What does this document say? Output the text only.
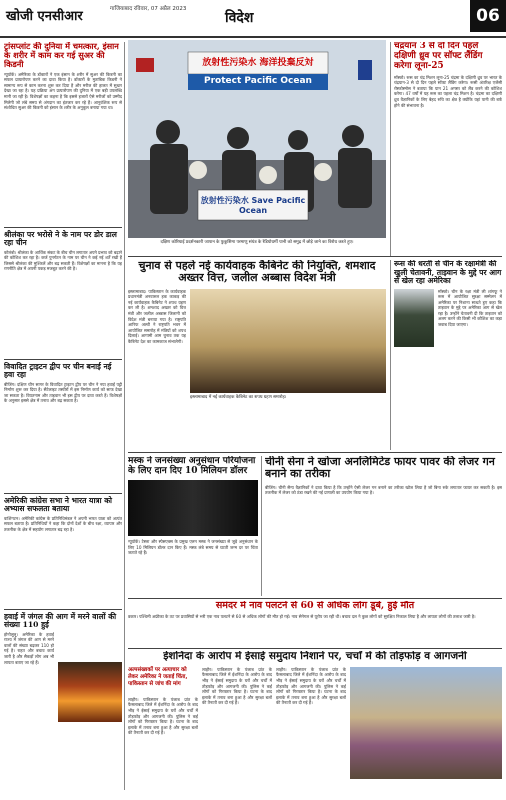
खोजी एनसीआर	गाजियाबाद रविवार, 07 अप्रैल 2023
विदेश	06
ट्रांसप्लांट की दुनिया में चमत्कार, इंसान के शरीर में काम कर गई सुअर की किडनी
न्यूयॉर्क। अमेरिका के डॉक्टरों ने एक इंसान के शरीर में सुअर की किडनी का सफल प्रत्यारोपण करने का दावा किया है। डॉक्टरों के मुताबिक किडनी ने सामान्य रूप से काम करना शुरू कर दिया है और मरीज की हालत में सुधार देखा जा रहा है। यह प्रक्रिया अंग प्रत्यारोपण की दुनिया में एक बड़ी उपलब्धि मानी जा रही है। विशेषज्ञों का कहना है कि इससे हजारों ऐसे मरीजों को उम्मीद मिलेगी जो लंबे समय से अंगदान का इंतजार कर रहे हैं। आनुवंशिक रूप से संशोधित सुअर की किडनी को इंसान के शरीर के अनुकूल बनाया गया था।
श्रीलंका पर भरोसे ने के नाम पर डोर डाल रहा चीन
कोलंबो। श्रीलंका के आर्थिक संकट के बीच चीन लगातार अपने प्रभाव को बढ़ाने की कोशिश कर रहा है। कर्ज पुनर्गठन के नाम पर चीन ने कई नई शर्तें रखी हैं जिससे श्रीलंका की मुश्किलें और बढ़ सकती हैं। विशेषज्ञों का मानना है कि यह रणनीति क्षेत्र में अपनी पकड़ मजबूत करने की है।
विवादित ट्राइटन द्वीप पर चीन बनाई नई हवा रहा
बीजिंग। दक्षिण चीन सागर के विवादित ट्राइटन द्वीप पर चीन ने नया हवाई पट्टी निर्माण शुरू कर दिया है। सैटेलाइट तस्वीरों में इस निर्माण कार्य को साफ देखा जा सकता है। वियतनाम और ताइवान भी इस द्वीप पर दावा करते हैं। विशेषज्ञों के अनुसार इससे क्षेत्र में तनाव और बढ़ सकता है।
अमेरिकी कांग्रेस सभा ने भारत यात्रा को अभ्यास सफलता बताया
वाशिंगटन। अमेरिकी कांग्रेस के प्रतिनिधिमंडल ने अपनी भारत यात्रा को अत्यंत सफल बताया है। प्रतिनिधियों ने कहा कि दोनों देशों के बीच रक्षा, व्यापार और तकनीक के क्षेत्र में सहयोग लगातार बढ़ रहा है।
हवाई में जंगल की आग में मरने वालों की संख्या 110 हुई
होनोलूलू। अमेरिका के हवाई राज्य में जंगल की आग से मरने वालों की संख्या बढ़कर 110 हो गई है। राहत और बचाव कार्य जारी है और सैकड़ों लोग अब भी लापता बताए जा रहे हैं।
放射性污染水 海洋投棄反対
Protect Pacific Ocean
放射性污染水 Save Pacific Ocean
दक्षिण कोरियाई प्रदर्शनकारी जापान के फुकुशिमा परमाणु संयंत्र के रेडियोधर्मी पानी को समुद्र में छोड़े जाने का विरोध करते हुए।
चंद्रयान 3 से दो दिन पहले दक्षिणी ध्रुव पर सॉफ्ट लैंडिंग करेगा लूना-25
मॉस्को। रूस का चंद्र मिशन लूना-25 चंद्रमा के दक्षिणी ध्रुव पर भारत के चंद्रयान-3 से दो दिन पहले सॉफ्ट लैंडिंग करेगा। रूसी अंतरिक्ष एजेंसी रोस्कोस्मोस ने बताया कि यान 21 अगस्त को लैंड करने की कोशिश करेगा। 47 वर्षों में यह रूस का पहला चंद्र मिशन है। चंद्रमा का दक्षिणी ध्रुव वैज्ञानिकों के लिए बेहद रुचि का क्षेत्र है क्योंकि यहां पानी की बर्फ होने की संभावना है।
चुनाव से पहले नई कार्यवाहक कैबिनेट की नियुक्ति, शमशाद अख्तर वित्त, जलील अब्बास विदेश मंत्री
इस्लामाबाद। पाकिस्तान के कार्यवाहक प्रधानमंत्री अनवारुल हक काकड़ की नई कार्यवाहक कैबिनेट ने शपथ ग्रहण कर ली है। शमशाद अख्तर को वित्त मंत्री और जलील अब्बास जिलानी को विदेश मंत्री बनाया गया है। राष्ट्रपति आरिफ अल्वी ने राष्ट्रपति भवन में आयोजित समारोह में मंत्रियों को शपथ दिलाई। आगामी आम चुनाव तक यह कैबिनेट देश का कामकाज संभालेगी।
इस्लामाबाद में नई कार्यवाहक कैबिनेट का शपथ ग्रहण समारोह।
रूस की धरती से चीन के रक्षामंत्री की खुली चेतावनी, ताइवान के मुद्दे पर आग से खेल रहा अमेरिका
मॉस्को। चीन के रक्षा मंत्री ली शांगफू ने रूस में आयोजित सुरक्षा सम्मेलन में अमेरिका पर निशाना साधते हुए कहा कि ताइवान के मुद्दे पर अमेरिका आग से खेल रहा है। उन्होंने चेतावनी दी कि ताइवान को अलग करने की किसी भी कोशिश का कड़ा जवाब दिया जाएगा।
मस्क ने जनसंख्या अनुसंधान परियोजना के लिए दान दिए 10 मिलियन डॉलर
न्यूयॉर्क। टेस्ला और स्पेसएक्स के प्रमुख एलन मस्क ने जनसंख्या से जुड़े अनुसंधान के लिए 10 मिलियन डॉलर दान किए हैं। मस्क लंबे समय से घटती जन्म दर पर चिंता जताते रहे हैं।
चीनी सेना ने खोजा अनलिमिटेड फायर पावर की लेजर गन बनाने का तरीका
बीजिंग। चीनी सैन्य वैज्ञानिकों ने दावा किया है कि उन्होंने ऐसी लेजर गन बनाने का तरीका खोज लिया है जो बिना रुके लगातार फायर कर सकती है। इस तकनीक में लेजर को ठंडा रखने की नई प्रणाली का उपयोग किया गया है।
समंदर में नाव पलटने से 60 से अधिक लोग डूबे, हुई मौत
डकार। पश्चिमी अफ्रीका के तट पर प्रवासियों से भरी एक नाव पलटने से 60 से अधिक लोगों की मौत हो गई। नाव सेनेगल से यूरोप जा रही थी। बचाव दल ने कुछ लोगों को सुरक्षित निकाल लिया है और लापता लोगों की तलाश जारी है।
ईशनिंदा के आरोप में ईसाई समुदाय निशाने पर, चर्चों में की तोड़फोड़ व आगजनी
अल्पसंख्यकों पर अत्याचार को लेकर अमेरिका ने जताई चिंता, पाकिस्तान से जांच की मांग
लाहौर। पाकिस्तान के पंजाब प्रांत के फैसलाबाद जिले में ईशनिंदा के आरोप के बाद भीड़ ने ईसाई समुदाय के घरों और चर्चों में तोड़फोड़ और आगजनी की। पुलिस ने कई लोगों को गिरफ्तार किया है। घटना के बाद इलाके में तनाव बना हुआ है और सुरक्षा बलों की तैनाती कर दी गई है।
लाहौर। पाकिस्तान के पंजाब प्रांत के फैसलाबाद जिले में ईशनिंदा के आरोप के बाद भीड़ ने ईसाई समुदाय के घरों और चर्चों में तोड़फोड़ और आगजनी की। पुलिस ने कई लोगों को गिरफ्तार किया है। घटना के बाद इलाके में तनाव बना हुआ है और सुरक्षा बलों की तैनाती कर दी गई है।
लाहौर। पाकिस्तान के पंजाब प्रांत के फैसलाबाद जिले में ईशनिंदा के आरोप के बाद भीड़ ने ईसाई समुदाय के घरों और चर्चों में तोड़फोड़ और आगजनी की। पुलिस ने कई लोगों को गिरफ्तार किया है। घटना के बाद इलाके में तनाव बना हुआ है और सुरक्षा बलों की तैनाती कर दी गई है।
